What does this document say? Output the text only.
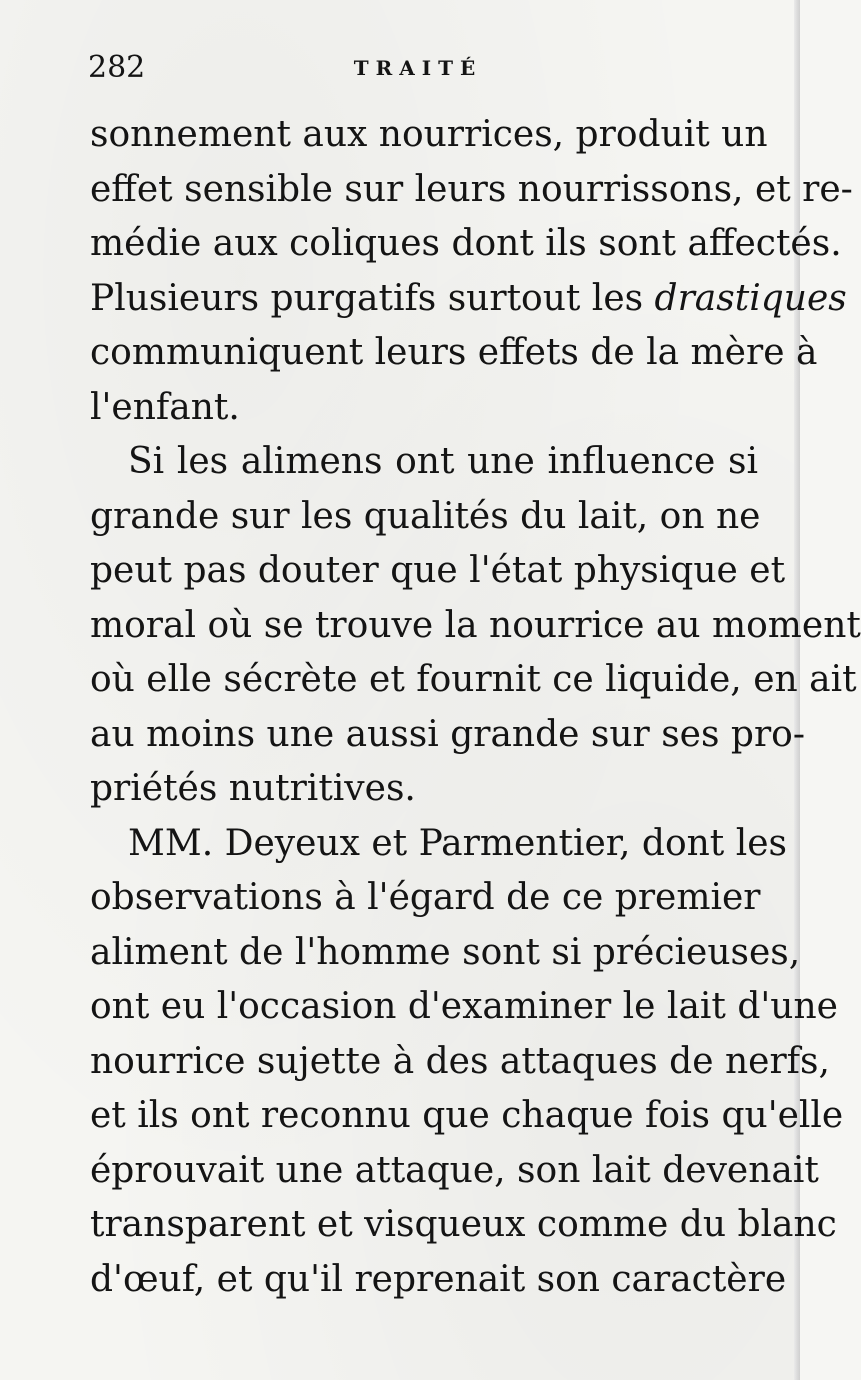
282	TRAITÉ
sonnement aux nourrices, produit un
effet sensible sur leurs nourrissons, et re-
médie aux coliques dont ils sont affectés.
Plusieurs purgatifs surtout les drastiques
communiquent leurs effets de la mère à
l'enfant.
Si les alimens ont une influence si
grande sur les qualités du lait, on ne
peut pas douter que l'état physique et
moral où se trouve la nourrice au moment
où elle sécrète et fournit ce liquide, en ait
au moins une aussi grande sur ses pro-
priétés nutritives.
MM. Deyeux et Parmentier, dont les
observations à l'égard de ce premier
aliment de l'homme sont si précieuses,
ont eu l'occasion d'examiner le lait d'une
nourrice sujette à des attaques de nerfs,
et ils ont reconnu que chaque fois qu'elle
éprouvait une attaque, son lait devenait
transparent et visqueux comme du blanc
d'œuf, et qu'il reprenait son caractère
